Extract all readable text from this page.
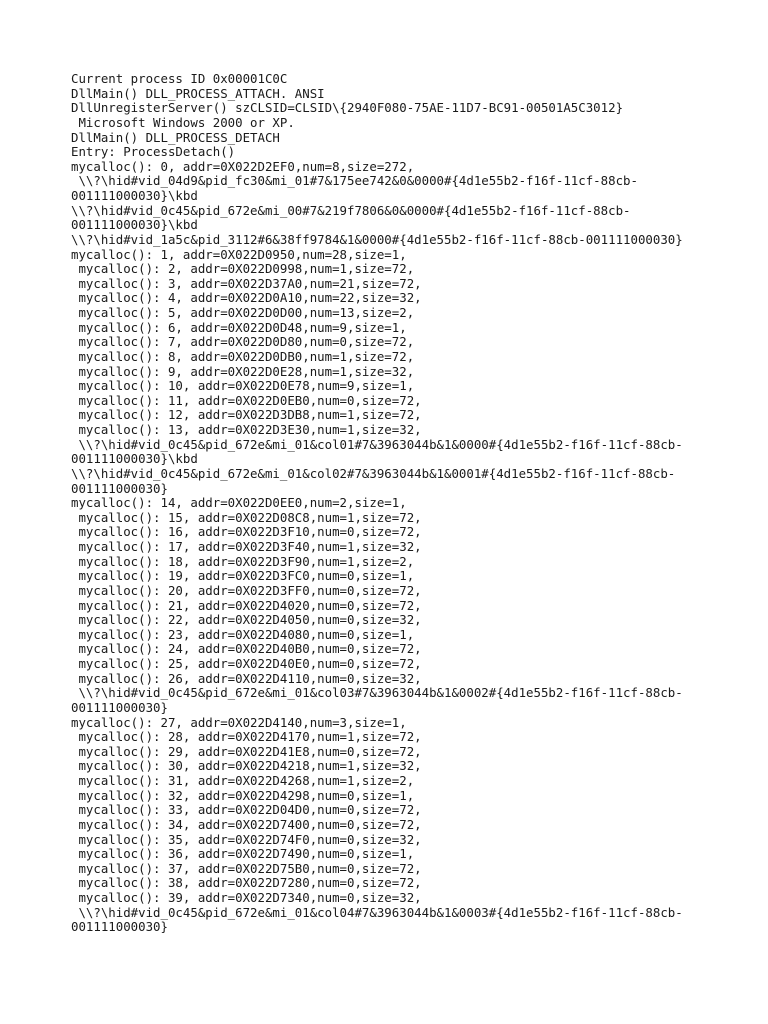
Current process ID 0x00001C0C
DllMain() DLL_PROCESS_ATTACH. ANSI
DllUnregisterServer() szCLSID=CLSID\{2940F080-75AE-11D7-BC91-00501A5C3012}
Microsoft Windows 2000 or XP.
DllMain() DLL_PROCESS_DETACH
Entry: ProcessDetach()
mycalloc(): 0, addr=0X022D2EF0,num=8,size=272,
\\?\hid#vid_04d9&pid_fc30&mi_01#7&175ee742&0&0000#{4d1e55b2-f16f-11cf-88cb-
001111000030}\kbd
\\?\hid#vid_0c45&pid_672e&mi_00#7&219f7806&0&0000#{4d1e55b2-f16f-11cf-88cb-
001111000030}\kbd
\\?\hid#vid_1a5c&pid_3112#6&38ff9784&1&0000#{4d1e55b2-f16f-11cf-88cb-001111000030}
mycalloc(): 1, addr=0X022D0950,num=28,size=1,
mycalloc(): 2, addr=0X022D0998,num=1,size=72,
mycalloc(): 3, addr=0X022D37A0,num=21,size=72,
mycalloc(): 4, addr=0X022D0A10,num=22,size=32,
mycalloc(): 5, addr=0X022D0D00,num=13,size=2,
mycalloc(): 6, addr=0X022D0D48,num=9,size=1,
mycalloc(): 7, addr=0X022D0D80,num=0,size=72,
mycalloc(): 8, addr=0X022D0DB0,num=1,size=72,
mycalloc(): 9, addr=0X022D0E28,num=1,size=32,
mycalloc(): 10, addr=0X022D0E78,num=9,size=1,
mycalloc(): 11, addr=0X022D0EB0,num=0,size=72,
mycalloc(): 12, addr=0X022D3DB8,num=1,size=72,
mycalloc(): 13, addr=0X022D3E30,num=1,size=32,
\\?\hid#vid_0c45&pid_672e&mi_01&col01#7&3963044b&1&0000#{4d1e55b2-f16f-11cf-88cb-
001111000030}\kbd
\\?\hid#vid_0c45&pid_672e&mi_01&col02#7&3963044b&1&0001#{4d1e55b2-f16f-11cf-88cb-
001111000030}
mycalloc(): 14, addr=0X022D0EE0,num=2,size=1,
mycalloc(): 15, addr=0X022D08C8,num=1,size=72,
mycalloc(): 16, addr=0X022D3F10,num=0,size=72,
mycalloc(): 17, addr=0X022D3F40,num=1,size=32,
mycalloc(): 18, addr=0X022D3F90,num=1,size=2,
mycalloc(): 19, addr=0X022D3FC0,num=0,size=1,
mycalloc(): 20, addr=0X022D3FF0,num=0,size=72,
mycalloc(): 21, addr=0X022D4020,num=0,size=72,
mycalloc(): 22, addr=0X022D4050,num=0,size=32,
mycalloc(): 23, addr=0X022D4080,num=0,size=1,
mycalloc(): 24, addr=0X022D40B0,num=0,size=72,
mycalloc(): 25, addr=0X022D40E0,num=0,size=72,
mycalloc(): 26, addr=0X022D4110,num=0,size=32,
\\?\hid#vid_0c45&pid_672e&mi_01&col03#7&3963044b&1&0002#{4d1e55b2-f16f-11cf-88cb-
001111000030}
mycalloc(): 27, addr=0X022D4140,num=3,size=1,
mycalloc(): 28, addr=0X022D4170,num=1,size=72,
mycalloc(): 29, addr=0X022D41E8,num=0,size=72,
mycalloc(): 30, addr=0X022D4218,num=1,size=32,
mycalloc(): 31, addr=0X022D4268,num=1,size=2,
mycalloc(): 32, addr=0X022D4298,num=0,size=1,
mycalloc(): 33, addr=0X022D04D0,num=0,size=72,
mycalloc(): 34, addr=0X022D7400,num=0,size=72,
mycalloc(): 35, addr=0X022D74F0,num=0,size=32,
mycalloc(): 36, addr=0X022D7490,num=0,size=1,
mycalloc(): 37, addr=0X022D75B0,num=0,size=72,
mycalloc(): 38, addr=0X022D7280,num=0,size=72,
mycalloc(): 39, addr=0X022D7340,num=0,size=32,
\\?\hid#vid_0c45&pid_672e&mi_01&col04#7&3963044b&1&0003#{4d1e55b2-f16f-11cf-88cb-
001111000030}
